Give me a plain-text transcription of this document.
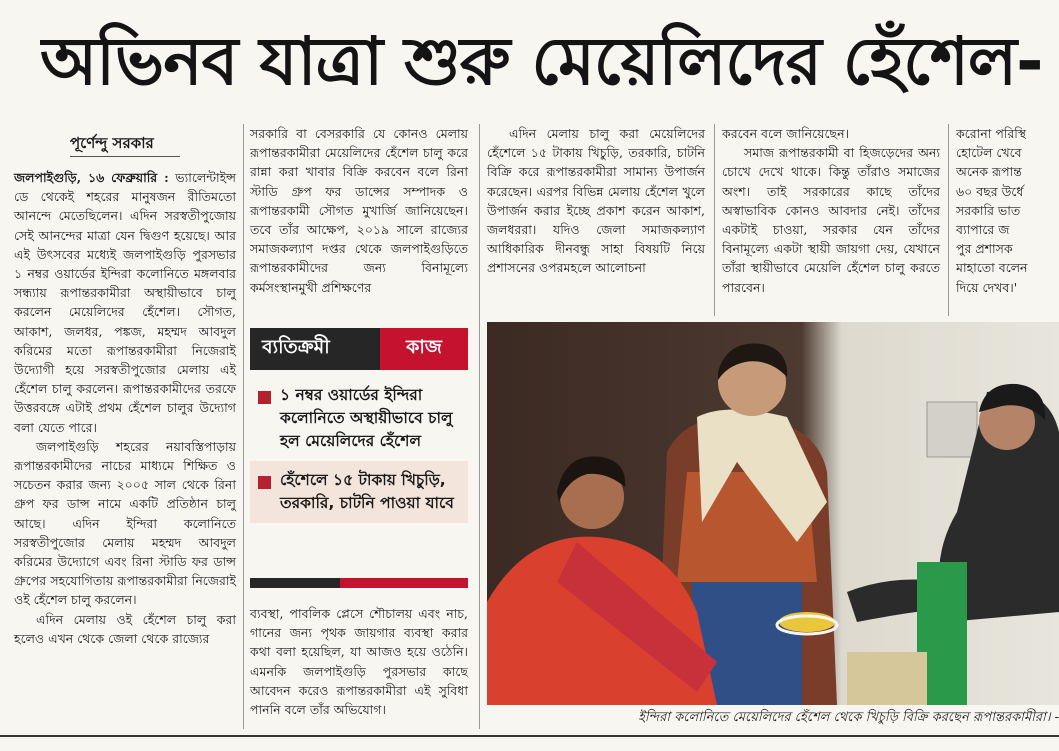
অভিনব যাত্রা শুরু মেয়েলিদের হেঁশেল-
পূর্ণেন্দু সরকার

জলপাইগুড়ি, ১৬ ফেব্রুয়ারি : ভ্যালেন্টাইন্স ডে থেকেই শহরের মানুষজন রীতিমতো আনন্দে মেতেছিলেন। এদিন সরস্বতীপুজোয় সেই আনন্দের মাত্রা যেন দ্বিগুণ হয়েছে। আর এই উৎসবের মধ্যেই জলপাইগুড়ি পুরসভার ১ নম্বর ওয়ার্ডের ইন্দিরা কলোনিতে মঙ্গলবার সন্ধ্যায় রূপান্তরকামীরা অস্থায়ীভাবে চালু করলেন মেয়েলিদের হেঁশেল। সৌগত, আকাশ, জলধর, পঙ্কজ, মহম্মদ আবদুল করিমের মতো রূপান্তরকামীরা নিজেরাই উদ্যোগী হয়ে সরস্বতীপুজোর মেলায় এই হেঁশেল চালু করলেন। রূপান্তরকামীদের তরফে উত্তরবঙ্গে এটাই প্রথম হেঁশেল চালুর উদ্যোগ বলা যেতে পারে।

জলপাইগুড়ি শহরের নয়াবস্তিপাড়ায় রূপান্তরকামীদের নাচের মাধ্যমে শিক্ষিত ও সচেতন করার জন্য ২০০৫ সাল থেকে রিনা গ্রুপ ফর ডান্স নামে একটি প্রতিষ্ঠান চালু আছে। এদিন ইন্দিরা কলোনিতে সরস্বতীপুজোর মেলায় মহম্মদ আবদুল করিমের উদ্যোগে এবং রিনা স্টাডি ফর ডান্স গ্রুপের সহযোগিতায় রূপান্তরকামীরা নিজেরাই ওই হেঁশেল চালু করলেন।

এদিন মেলায় ওই হেঁশেল চালু করা হলেও এখন থেকে জেলা থেকে রাজ্যের

সরকারি বা বেসরকারি যে কোনও মেলায় রূপান্তরকামীরা মেয়েলিদের হেঁশেল চালু করে রান্না করা খাবার বিক্রি করবেন বলে রিনা স্টাডি গ্রুপ ফর ডান্সের সম্পাদক ও রূপান্তরকামী সৌগত মুখার্জি জানিয়েছেন। তবে তাঁর আক্ষেপ, ২০১৯ সালে রাজ্যের সমাজকল্যাণ দপ্তর থেকে জলপাইগুড়িতে রূপান্তরকামীদের জন্য বিনামূল্যে কর্মসংস্থানমুখী প্রশিক্ষণের

ব্যতিক্রমী	কাজ
১ নম্বর ওয়ার্ডের ইন্দিরা কলোনিতে অস্থায়ীভাবে চালু হল মেয়েলিদের হেঁশেল
হেঁশেলে ১৫ টাকায় খিচুড়ি, তরকারি, চাটনি পাওয়া যাবে

ব্যবস্থা, পাবলিক প্লেসে শৌচালয় এবং নাচ, গানের জন্য পৃথক জায়গার ব্যবস্থা করার কথা বলা হয়েছিল, যা আজও হয়ে ওঠেনি। এমনকি জলপাইগুড়ি পুরসভার কাছে আবেদন করেও রূপান্তরকামীরা এই সুবিধা পাননি বলে তাঁর অভিযোগ।

এদিন মেলায় চালু করা মেয়েলিদের হেঁশেলে ১৫ টাকায় খিচুড়ি, তরকারি, চাটনি বিক্রি করে রূপান্তরকামীরা সামান্য উপার্জন করেছেন। এরপর বিভিন্ন মেলায় হেঁশেল খুলে উপার্জন করার ইচ্ছে প্রকাশ করেন আকাশ, জলধররা। যদিও জেলা সমাজকল্যাণ আধিকারিক দীনবন্ধু সাহা বিষয়টি নিয়ে প্রশাসনের ওপরমহলে আলোচনা

করবেন বলে জানিয়েছেন।

সমাজ রূপান্তরকামী বা হিজড়েদের অন্য চোখে দেখে থাকে। কিন্তু তাঁরাও সমাজের অংশ। তাই সরকারের কাছে তাঁদের অস্বাভাবিক কোনও আবদার নেই। তাঁদের একটাই চাওয়া, সরকার যেন তাঁদের বিনামূল্যে একটা স্থায়ী জায়গা দেয়, যেখানে তাঁরা স্থায়ীভাবে মেয়েলি হেঁশেল চালু করতে পারবেন।

করোনা পরিস্থি
হোটেল খেবে
অনেক রূপান্ত
৬০ বছর উর্ধে
সরকারি ভাত
ব্যাপারে জ
পুর প্রশাসক
মাহাতো বলেন
দিয়ে দেখব।'
ইন্দিরা কলোনিতে মেয়েলিদের হেঁশেল থেকে খিচুড়ি বিক্রি করছেন রূপান্তরকামীরা। -
